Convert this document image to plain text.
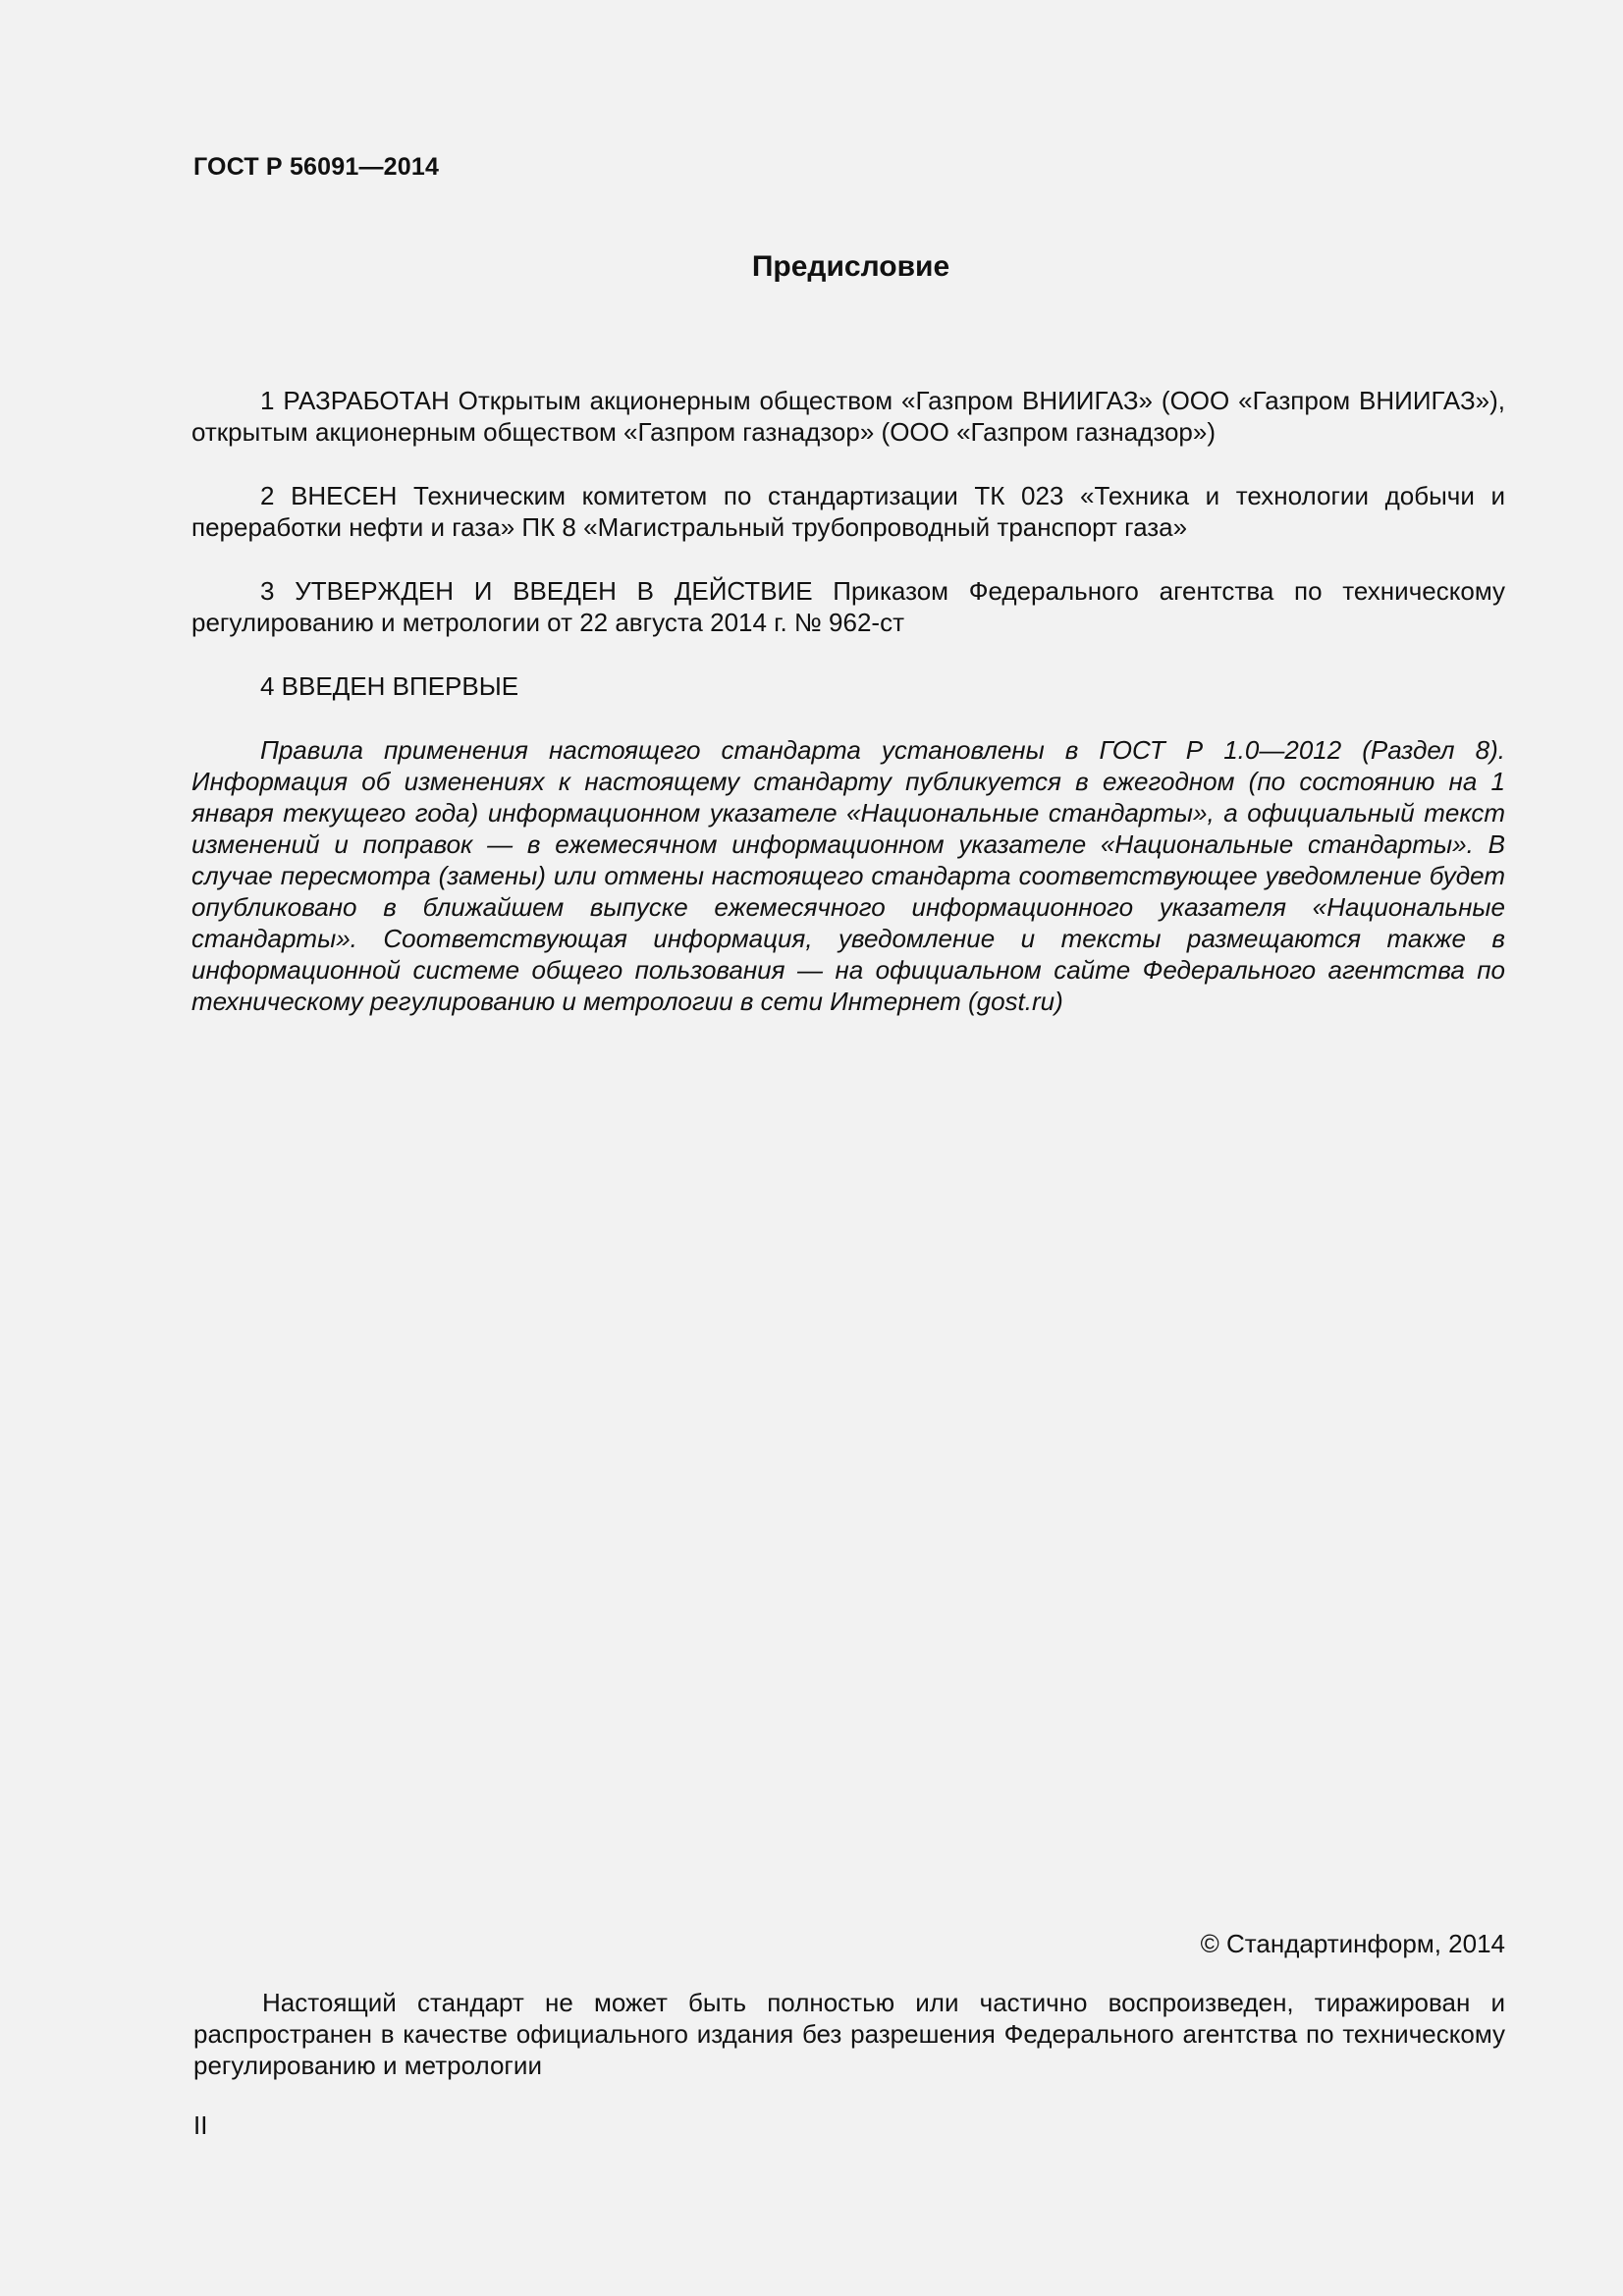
ГОСТ Р 56091—2014
Предисловие

1 РАЗРАБОТАН Открытым акционерным обществом «Газпром ВНИИГАЗ» (ООО «Газпром ВНИИГАЗ»), открытым акционерным обществом «Газпром газнадзор» (ООО «Газпром газнадзор»)

2 ВНЕСЕН Техническим комитетом по стандартизации ТК 023 «Техника и технологии добычи и переработки нефти и газа» ПК 8 «Магистральный трубопроводный транспорт газа»

3 УТВЕРЖДЕН И ВВЕДЕН В ДЕЙСТВИЕ Приказом Федерального агентства по техническому регулированию и метрологии от 22 августа 2014 г. № 962-ст

4 ВВЕДЕН ВПЕРВЫЕ

Правила применения настоящего стандарта установлены в ГОСТ Р 1.0—2012 (Раздел 8). Информация об изменениях к настоящему стандарту публикуется в ежегодном (по состоянию на 1 января текущего года) информационном указателе «Национальные стандарты», а официальный текст изменений и поправок — в ежемесячном информационном указателе «Национальные стандарты». В случае пересмотра (замены) или отмены настоящего стандарта соответствующее уведомление будет опубликовано в ближайшем выпуске ежемесячного информационного указателя «Национальные стандарты». Соответствующая информация, уведомление и тексты размещаются также в информационной системе общего пользования — на официальном сайте Федерального агентства по техническому регулированию и метрологии в сети Интернет (gost.ru)

© Стандартинформ, 2014

Настоящий стандарт не может быть полностью или частично воспроизведен, тиражирован и распространен в качестве официального издания без разрешения Федерального агентства по техническому регулированию и метрологии

II
